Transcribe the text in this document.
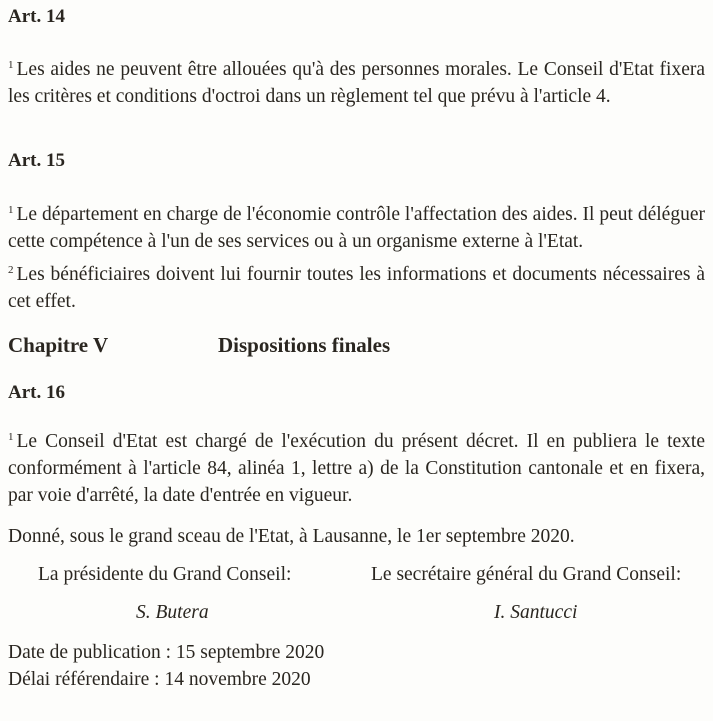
Art. 14
$^1$ Les aides ne peuvent être allouées qu'à des personnes morales. Le Conseil d'Etat fixera les critères et conditions d'octroi dans un règlement tel que prévu à l'article 4.
Art. 15
$^1$ Le département en charge de l'économie contrôle l'affectation des aides. Il peut déléguer cette compétence à l'un de ses services ou à un organisme externe à l'Etat.
$^2$ Les bénéficiaires doivent lui fournir toutes les informations et documents nécessaires à cet effet.
Chapitre V	Dispositions finales
Art. 16
$^1$ Le Conseil d'Etat est chargé de l'exécution du présent décret. Il en publiera le texte conformément à l'article 84, alinéa 1, lettre a) de la Constitution cantonale et en fixera, par voie d'arrêté, la date d'entrée en vigueur.
Donné, sous le grand sceau de l'Etat, à Lausanne, le 1er septembre 2020.
La présidente du Grand Conseil:	Le secrétaire général du Grand Conseil:
S. Butera	I. Santucci
Date de publication : 15 septembre 2020
Délai référendaire : 14 novembre 2020
